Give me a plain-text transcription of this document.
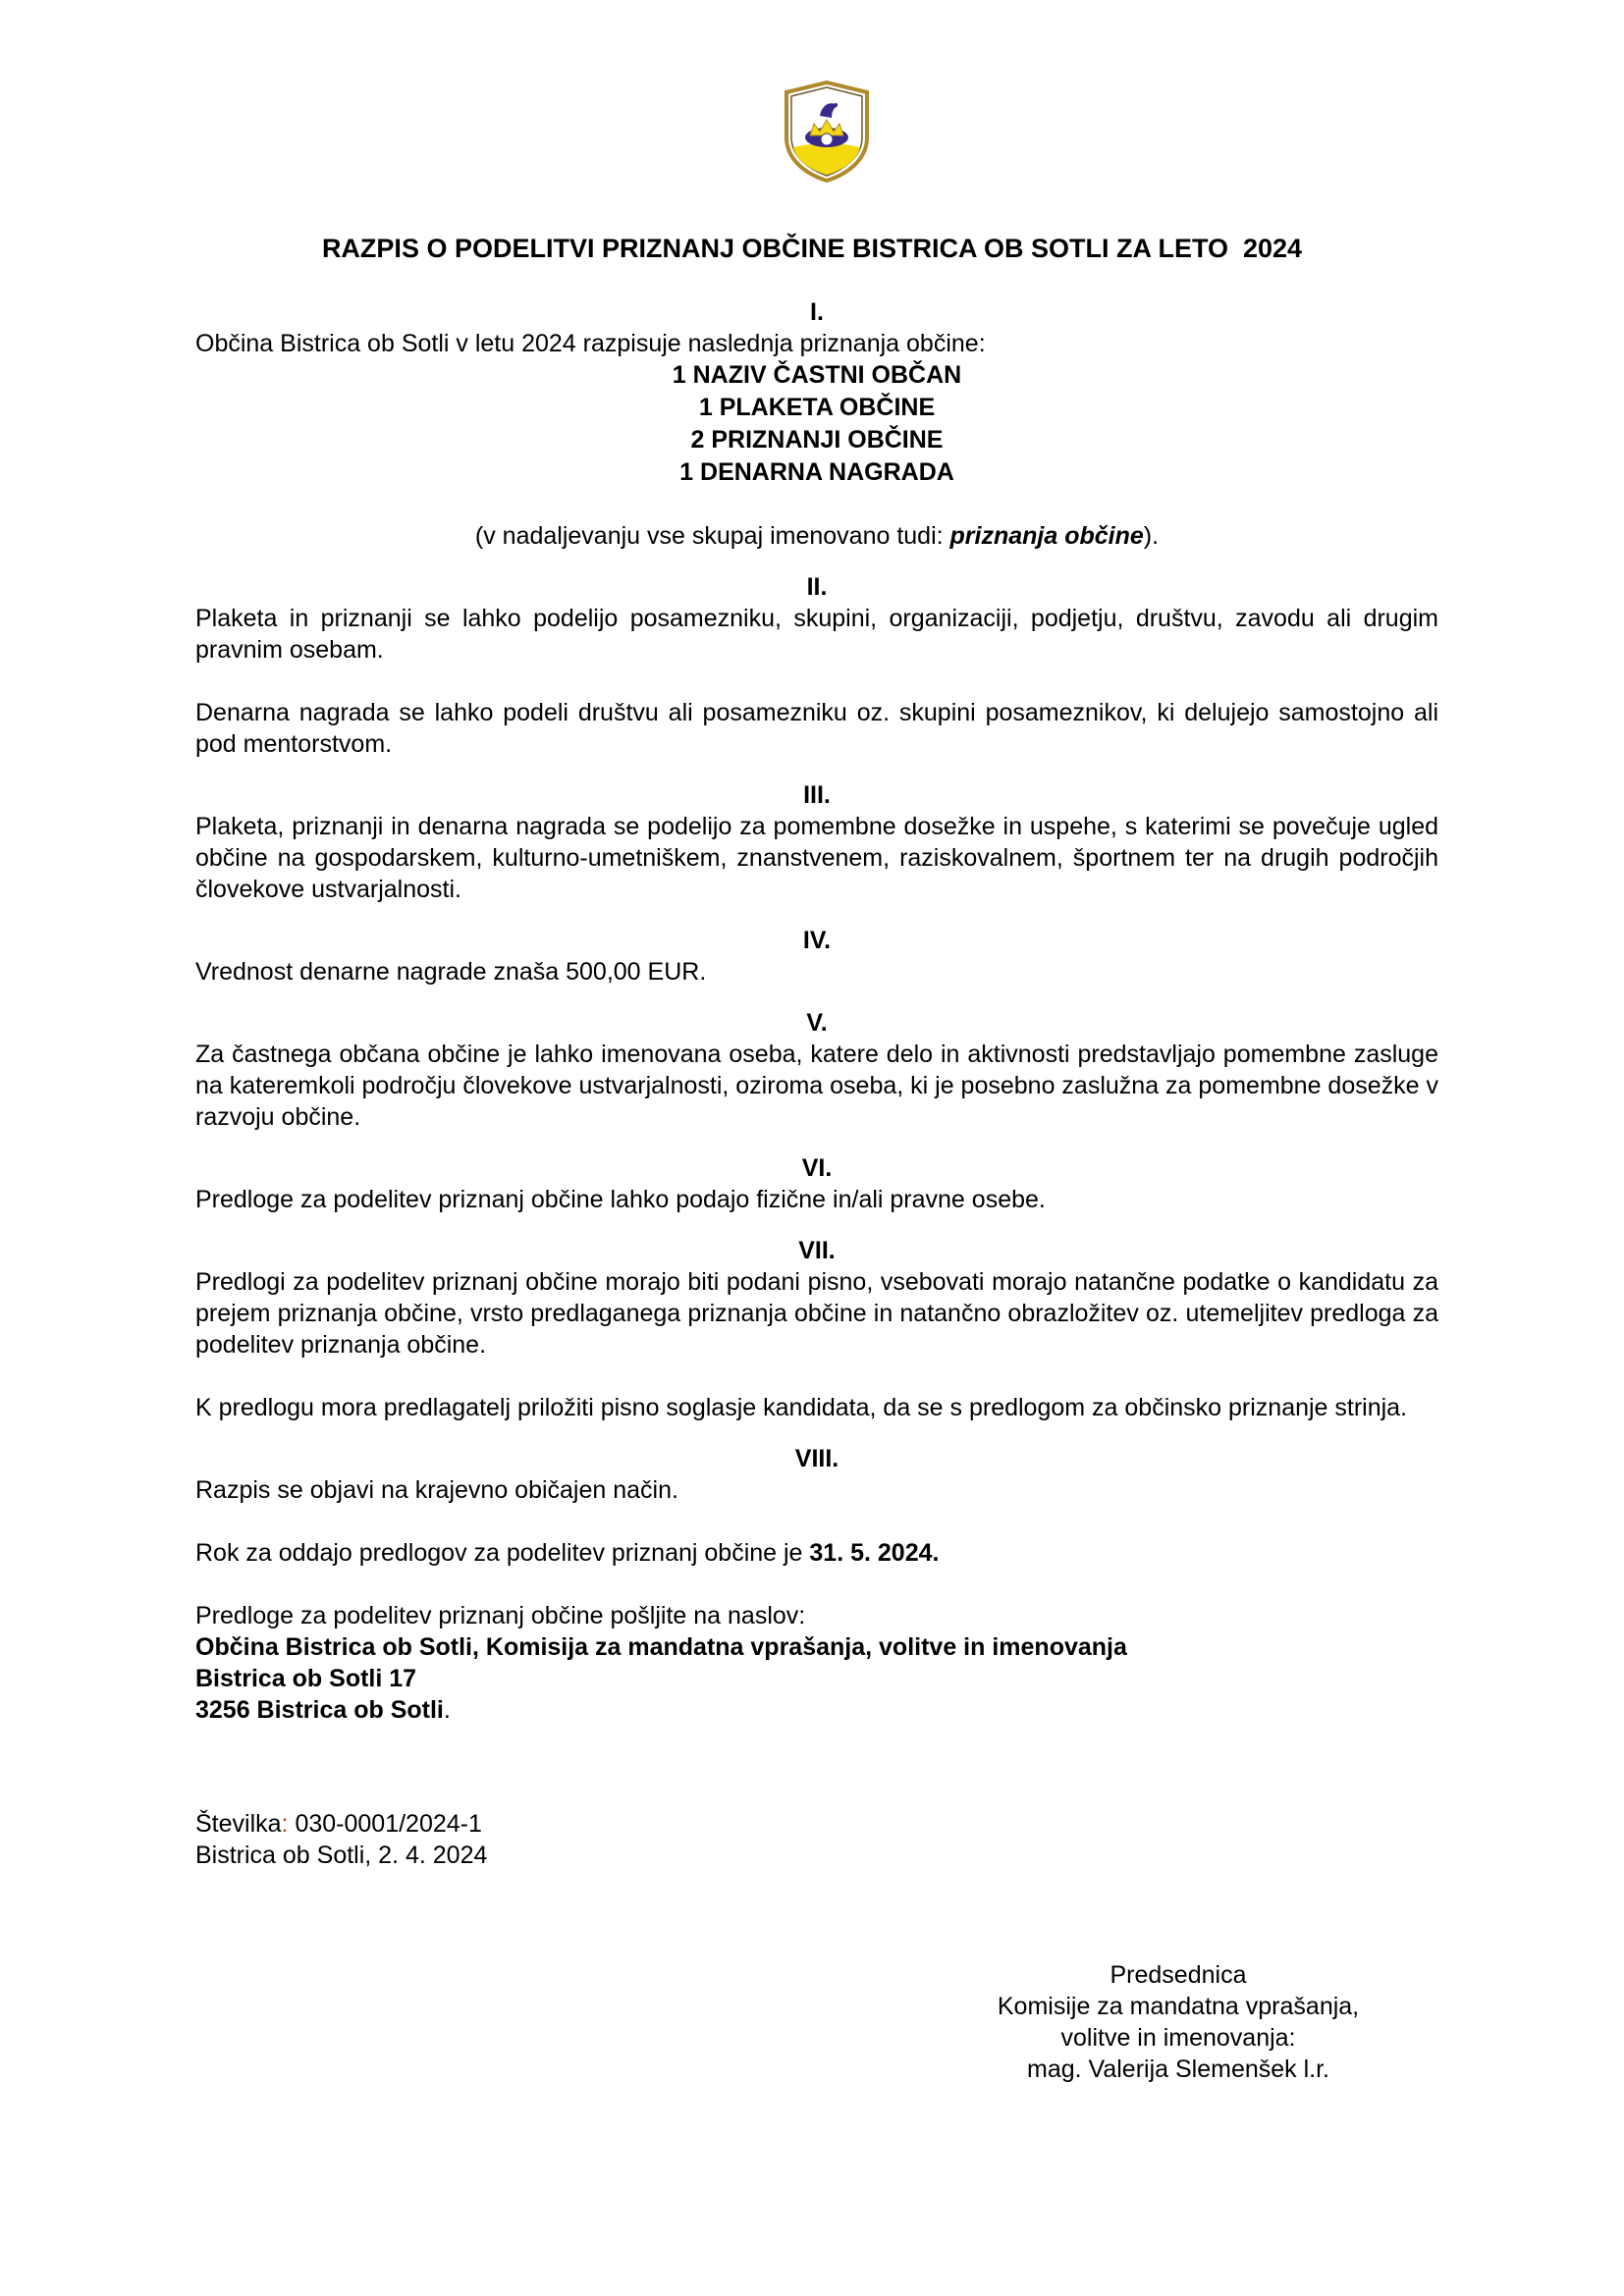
RAZPIS O PODELITVI PRIZNANJ OBČINE BISTRICA OB SOTLI ZA LETO  2024
I.

Občina Bistrica ob Sotli v letu 2024 razpisuje naslednja priznanja občine:

1 NAZIV ČASTNI OBČAN
1 PLAKETA OBČINE
2 PRIZNANJI OBČINE
1 DENARNA NAGRADA
(v nadaljevanju vse skupaj imenovano tudi: priznanja občine).
II.

Plaketa in priznanji se lahko podelijo posamezniku, skupini, organizaciji, podjetju, društvu, zavodu ali drugim pravnim osebam.

Denarna nagrada se lahko podeli društvu ali posamezniku oz. skupini posameznikov, ki delujejo samostojno ali pod mentorstvom.

III.

Plaketa, priznanji in denarna nagrada se podelijo za pomembne dosežke in uspehe, s katerimi se povečuje ugled občine na gospodarskem, kulturno-umetniškem, znanstvenem, raziskovalnem, športnem ter na drugih področjih človekove ustvarjalnosti.

IV.

Vrednost denarne nagrade znaša 500,00 EUR.

V.

Za častnega občana občine je lahko imenovana oseba, katere delo in aktivnosti predstavljajo pomembne zasluge na kateremkoli področju človekove ustvarjalnosti, oziroma oseba, ki je posebno zaslužna za pomembne dosežke v razvoju občine.

VI.

Predloge za podelitev priznanj občine lahko podajo fizične in/ali pravne osebe.

VII.

Predlogi za podelitev priznanj občine morajo biti podani pisno, vsebovati morajo natančne podatke o kandidatu za prejem priznanja občine, vrsto predlaganega priznanja občine in natančno obrazložitev oz. utemeljitev predloga za podelitev priznanja občine.

K predlogu mora predlagatelj priložiti pisno soglasje kandidata, da se s predlogom za občinsko priznanje strinja.

VIII.

Razpis se objavi na krajevno običajen način.

Rok za oddajo predlogov za podelitev priznanj občine je 31. 5. 2024.

Predloge za podelitev priznanj občine pošljite na naslov:

Občina Bistrica ob Sotli, Komisija za mandatna vprašanja, volitve in imenovanja
Bistrica ob Sotli 17
3256 Bistrica ob Sotli.
Številka: 030-0001/2024-1
Bistrica ob Sotli, 2. 4. 2024
Predsednica
Komisije za mandatna vprašanja,
volitve in imenovanja:
mag. Valerija Slemenšek l.r.
